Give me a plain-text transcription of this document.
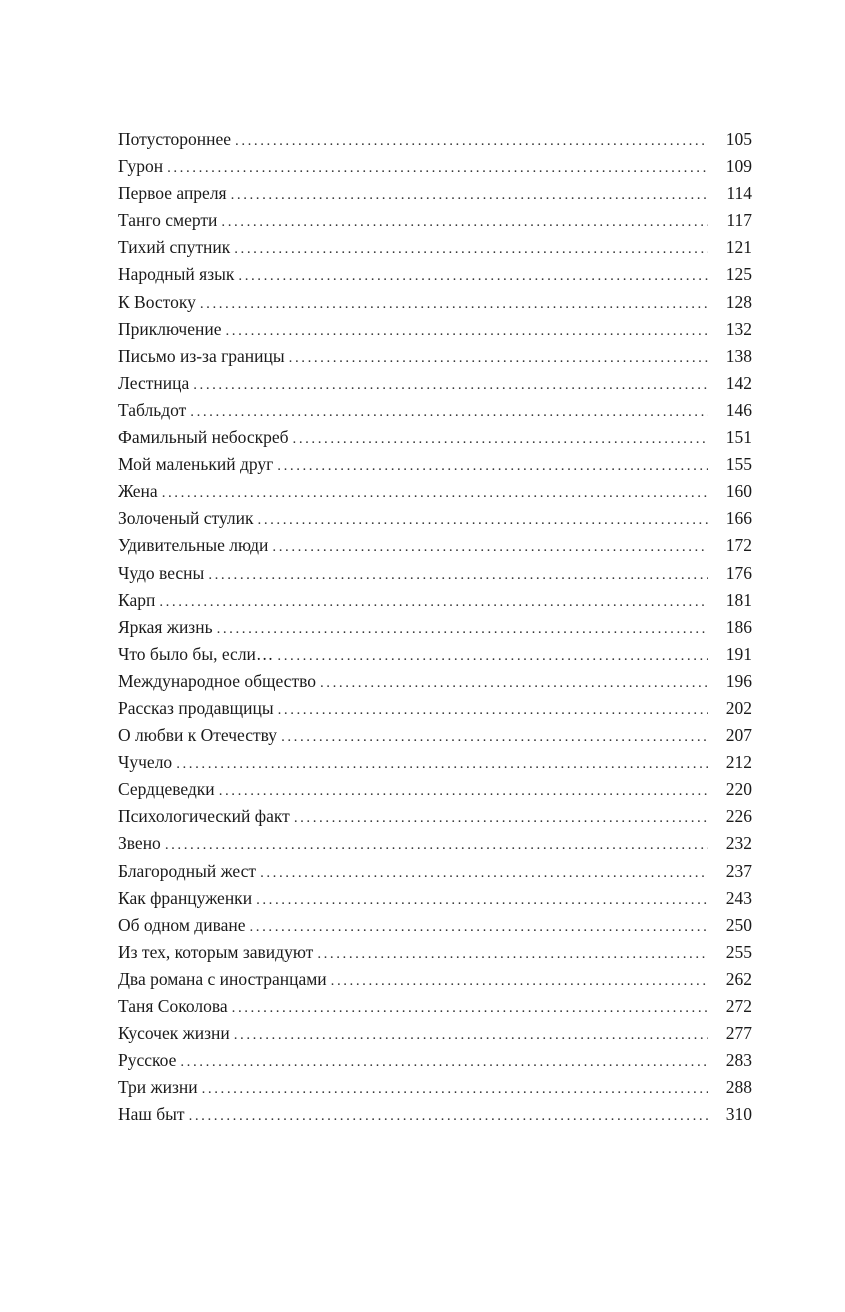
Потустороннее . . .	105
Гурон . . .	109
Первое апреля . . .	114
Танго смерти . . .	117
Тихий спутник . . .	121
Народный язык . . .	125
К Востоку . . .	128
Приключение . . .	132
Письмо из-за границы . . .	138
Лестница . . .	142
Табльдот . . .	146
Фамильный небоскреб . . .	151
Мой маленький друг . . .	155
Жена . . .	160
Золоченый стулик . . .	166
Удивительные люди . . .	172
Чудо весны . . .	176
Карп . . .	181
Яркая жизнь . . .	186
Что было бы, если… . . .	191
Международное общество . . .	196
Рассказ продавщицы . . .	202
О любви к Отечеству . . .	207
Чучело . . .	212
Сердцеведки . . .	220
Психологический факт . . .	226
Звено . . .	232
Благородный жест . . .	237
Как француженки . . .	243
Об одном диване . . .	250
Из тех, которым завидуют . . .	255
Два романа с иностранцами . . .	262
Таня Соколова . . .	272
Кусочек жизни . . .	277
Русское . . .	283
Три жизни . . .	288
Наш быт . . .	310
